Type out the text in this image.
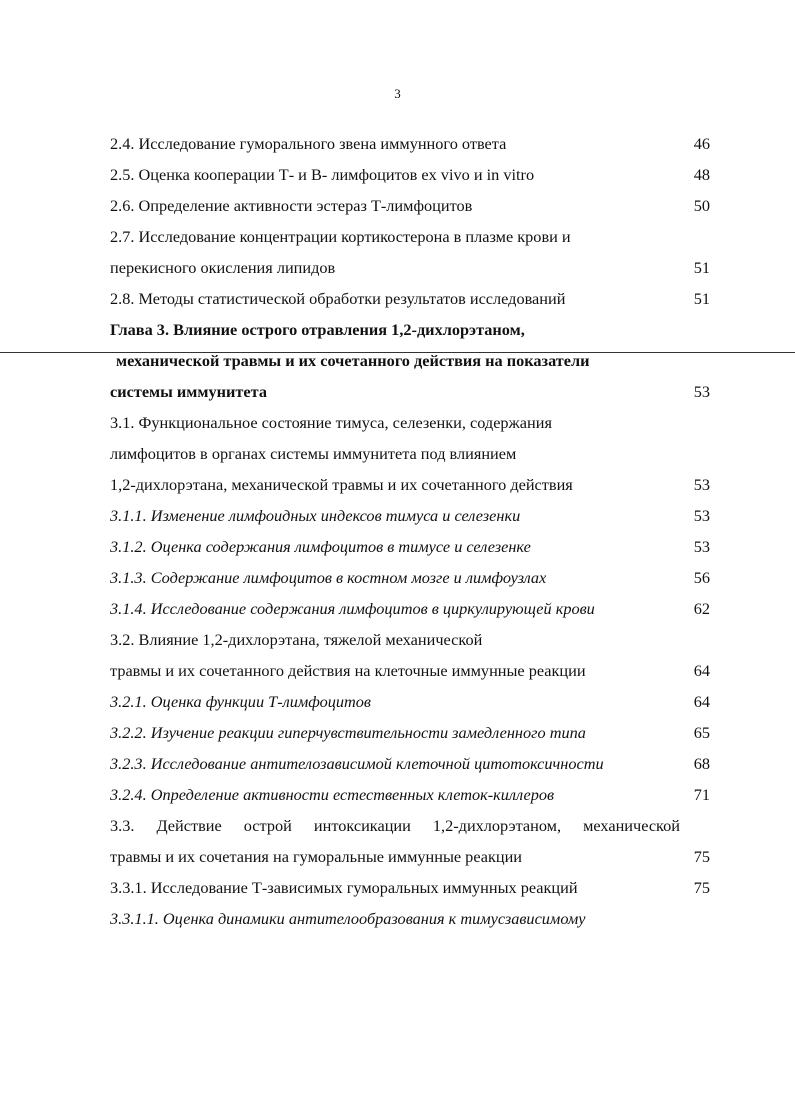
3
2.4. Исследование гуморального звена иммунного ответа	46
2.5. Оценка кооперации Т- и В- лимфоцитов ex vivo и in vitro	48
2.6. Определение активности эстераз Т-лимфоцитов	50
2.7. Исследование концентрации кортикостерона в плазме крови и
перекисного окисления липидов	51
2.8. Методы статистической обработки результатов исследований	51
Глава 3. Влияние острого отравления 1,2-дихлорэтаном,
механической травмы и их сочетанного действия на показатели
системы иммунитета	53
3.1. Функциональное состояние тимуса, селезенки, содержания
лимфоцитов в органах системы иммунитета под влиянием
1,2-дихлорэтана, механической травмы и их сочетанного действия	53
3.1.1. Изменение лимфоидных индексов тимуса и селезенки	53
3.1.2. Оценка содержания лимфоцитов в тимусе и селезенке	53
3.1.3. Содержание лимфоцитов в костном мозге и лимфоузлах	56
3.1.4. Исследование содержания лимфоцитов в циркулирующей крови	62
3.2. Влияние 1,2-дихлорэтана, тяжелой механической
травмы и их сочетанного действия на клеточные иммунные реакции	64
3.2.1. Оценка функции Т-лимфоцитов	64
3.2.2. Изучение реакции гиперчувствительности замедленного типа	65
3.2.3. Исследование антителозависимой клеточной цитотоксичности	68
3.2.4. Определение активности естественных клеток-киллеров	71
3.3. Действие острой интоксикации 1,2-дихлорэтаном, механической
травмы и их сочетания на гуморальные иммунные реакции	75
3.3.1. Исследование Т-зависимых гуморальных иммунных реакций	75
3.3.1.1. Оценка динамики антителообразования к тимусзависимому
